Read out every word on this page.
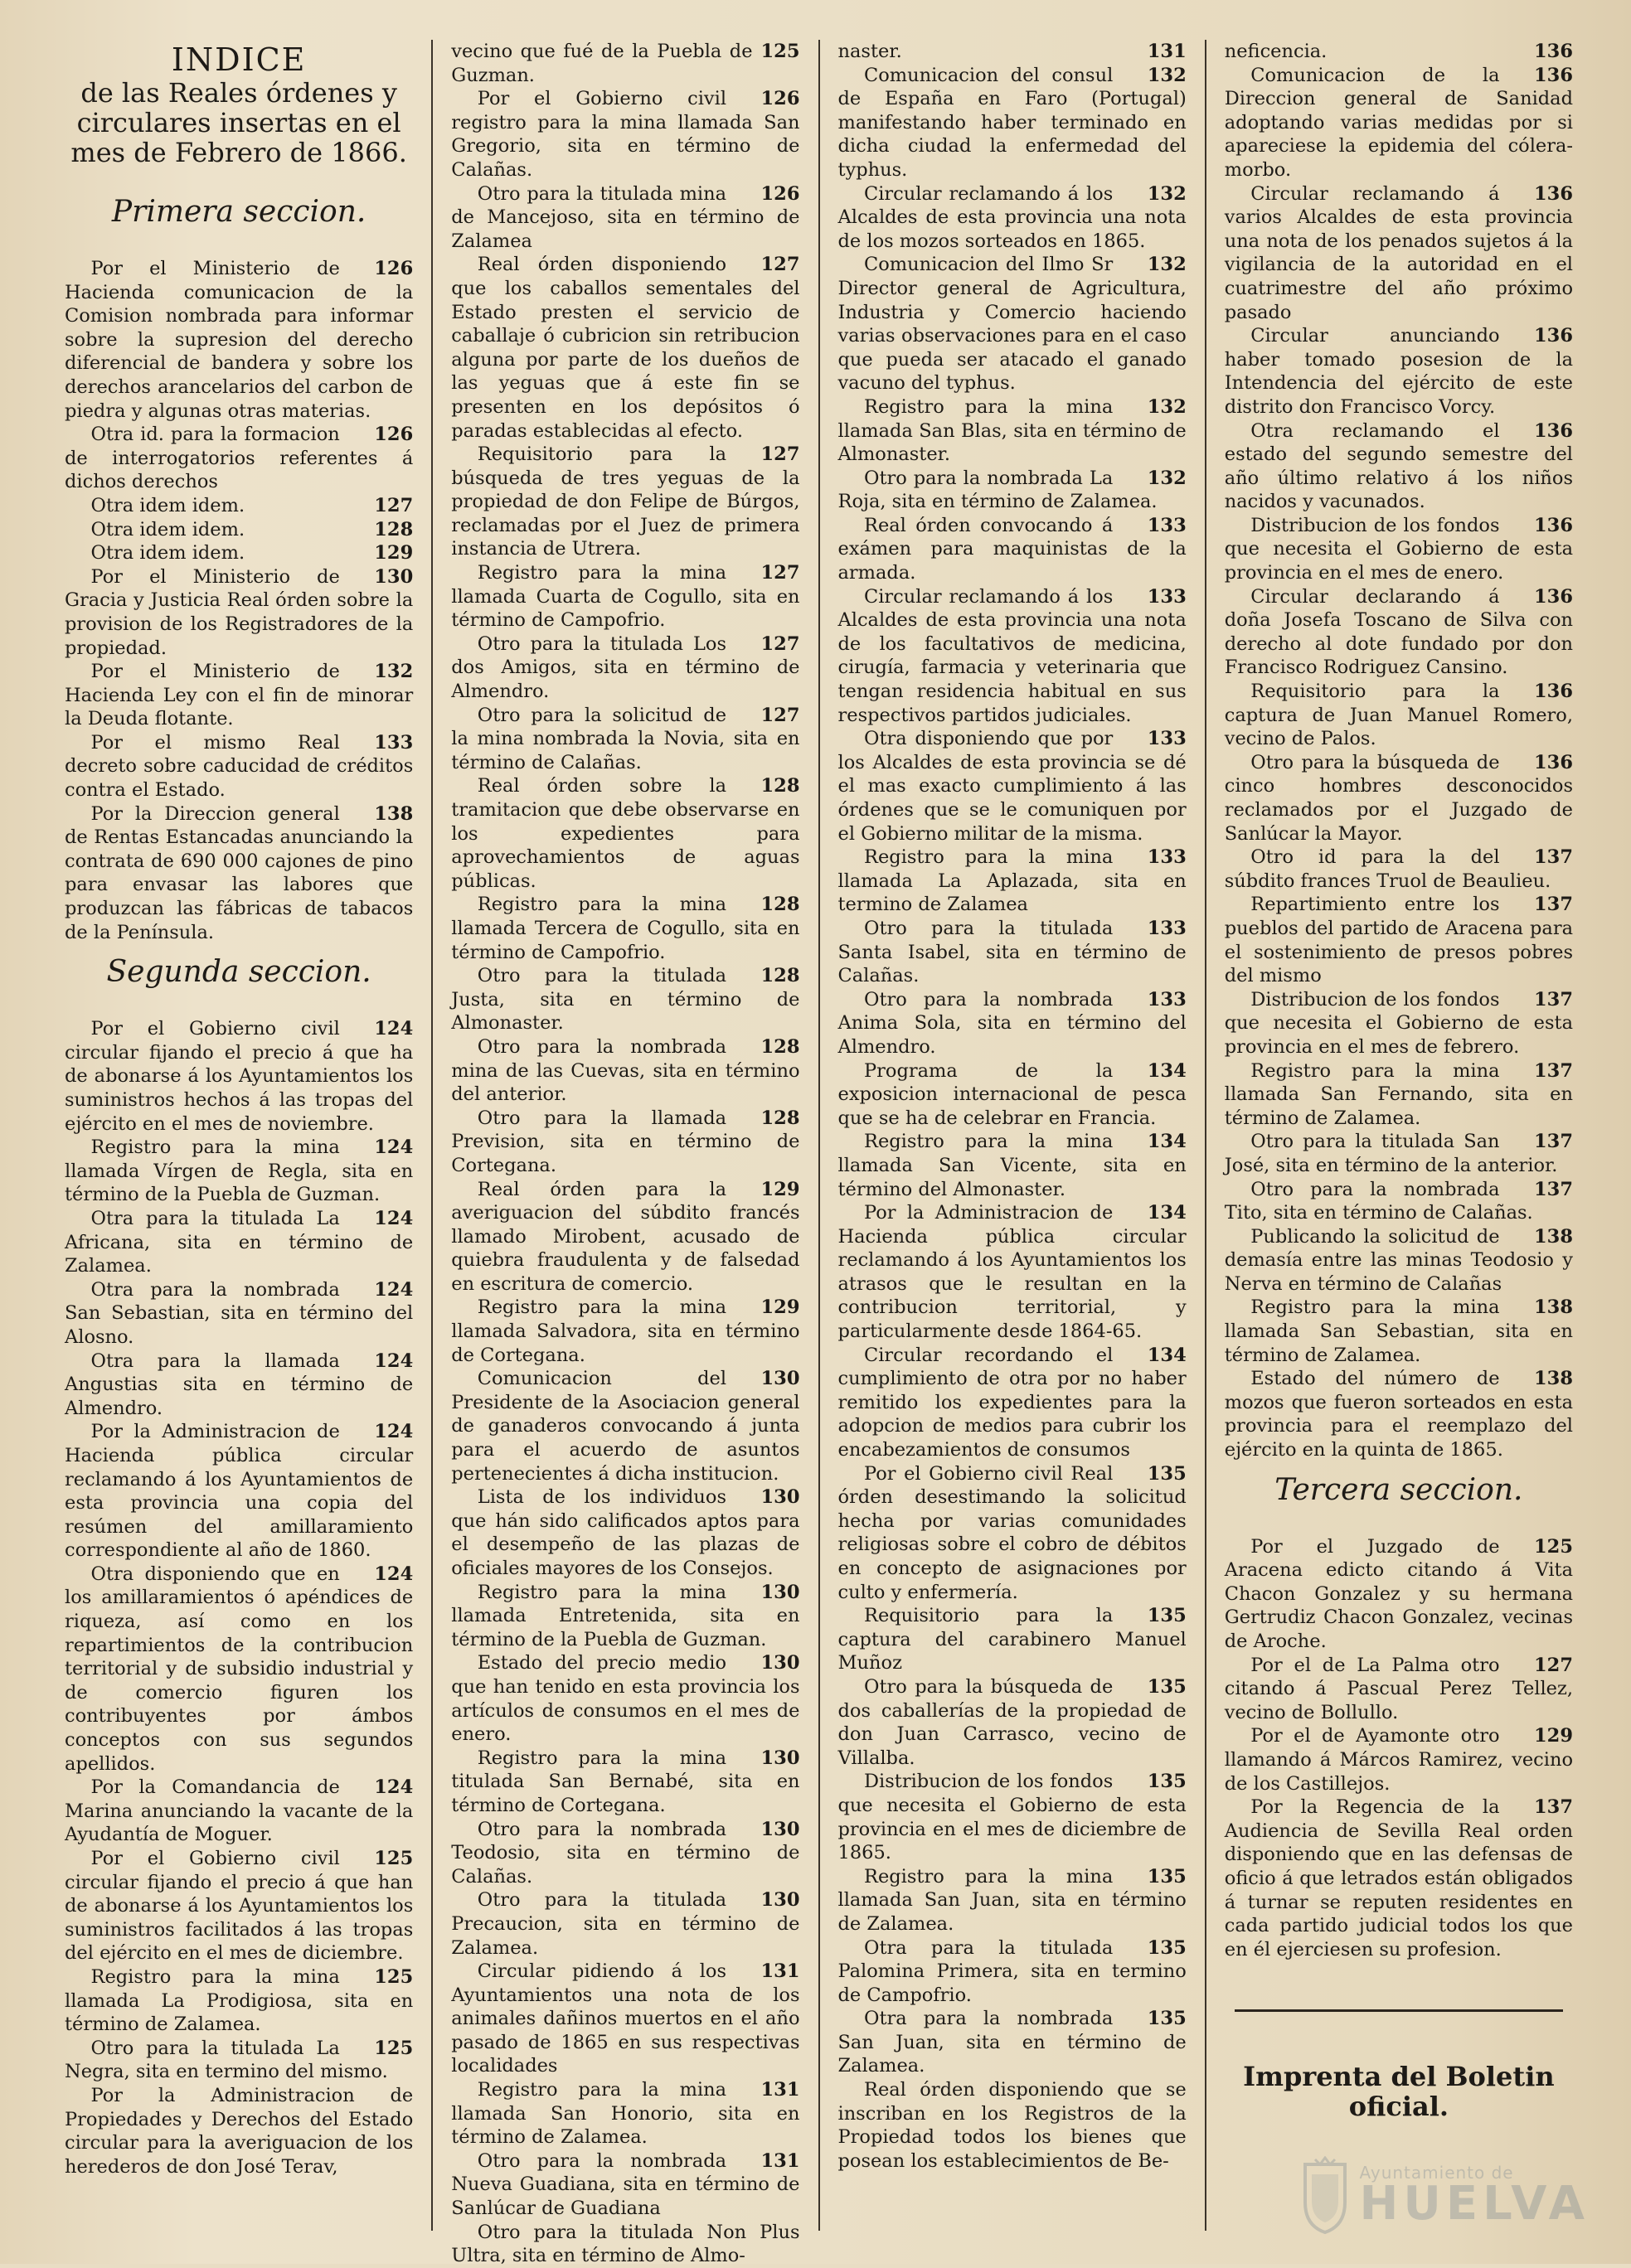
INDICE
de las Reales órdenes y circulares insertas en el mes de Febrero de 1866.
Primera seccion.

126
Por el Ministerio de Hacienda comunicacion de la Comision nombrada para informar sobre la supresion del derecho diferencial de bandera y sobre los derechos arancelarios del carbon de piedra y algunas otras materias.

126
Otra id. para la formacion de interrogatorios referentes á dichos derechos

127
Otra idem idem.

128
Otra idem idem.

129
Otra idem idem.

130
Por el Ministerio de Gracia y Justicia Real órden sobre la provision de los Registradores de la propiedad.

132
Por el Ministerio de Hacienda Ley con el fin de minorar la Deuda flotante.

133
Por el mismo Real decreto sobre caducidad de créditos contra el Estado.

138
Por la Direccion general de Rentas Estancadas anunciando la contrata de 690 000 cajones de pino para envasar las labores que produzcan las fábricas de tabacos de la Península.

Segunda seccion.

124
Por el Gobierno civil circular fijando el precio á que ha de abonarse á los Ayuntamientos los suministros hechos á las tropas del ejército en el mes de noviembre.

124
Registro para la mina llamada Vírgen de Regla, sita en término de la Puebla de Guzman.

124
Otra para la titulada La Africana, sita en término de Zalamea.

124
Otra para la nombrada San Sebastian, sita en término del Alosno.

124
Otra para la llamada Angustias sita en término de Almendro.

124
Por la Administracion de Hacienda pública circular reclamando á los Ayuntamientos de esta provincia una copia del resúmen del amillaramiento correspondiente al año de 1860.

124
Otra disponiendo que en los amillaramientos ó apéndices de riqueza, así como en los repartimientos de la contribucion territorial y de subsidio industrial y de comercio figuren los contribuyentes por ámbos conceptos con sus segundos apellidos.

124
Por la Comandancia de Marina anunciando la vacante de la Ayudantía de Moguer.

125
Por el Gobierno civil circular fijando el precio á que han de abonarse á los Ayuntamientos los suministros facilitados á las tropas del ejército en el mes de diciembre.

125
Registro para la mina llamada La Prodigiosa, sita en término de Zalamea.

125
Otro para la titulada La Negra, sita en termino del mismo.

Por la Administracion de Propiedades y Derechos del Estado circular para la averiguacion de los herederos de don José Terav,

125
vecino que fué de la Puebla de Guzman.

126
Por el Gobierno civil registro para la mina llamada San Gregorio, sita en término de Calañas.

126
Otro para la titulada mina de Mancejoso, sita en término de Zalamea

127
Real órden disponiendo que los caballos sementales del Estado presten el servicio de caballaje ó cubricion sin retribucion alguna por parte de los dueños de las yeguas que á este fin se presenten en los depósitos ó paradas establecidas al efecto.

127
Requisitorio para la búsqueda de tres yeguas de la propiedad de don Felipe de Búrgos, reclamadas por el Juez de primera instancia de Utrera.

127
Registro para la mina llamada Cuarta de Cogullo, sita en término de Campofrio.

127
Otro para la titulada Los dos Amigos, sita en término de Almendro.

127
Otro para la solicitud de la mina nombrada la Novia, sita en término de Calañas.

128
Real órden sobre la tramitacion que debe observarse en los expedientes para aprovechamientos de aguas públicas.

128
Registro para la mina llamada Tercera de Cogullo, sita en término de Campofrio.

128
Otro para la titulada Justa, sita en término de Almonaster.

128
Otro para la nombrada mina de las Cuevas, sita en término del anterior.

128
Otro para la llamada Prevision, sita en término de Cortegana.

129
Real órden para la averiguacion del súbdito francés llamado Mirobent, acusado de quiebra fraudulenta y de falsedad en escritura de comercio.

129
Registro para la mina llamada Salvadora, sita en término de Cortegana.

130
Comunicacion del Presidente de la Asociacion general de ganaderos convocando á junta para el acuerdo de asuntos pertenecientes á dicha institucion.

130
Lista de los individuos que hán sido calificados aptos para el desempeño de las plazas de oficiales mayores de los Consejos.

130
Registro para la mina llamada Entretenida, sita en término de la Puebla de Guzman.

130
Estado del precio medio que han tenido en esta provincia los artículos de consumos en el mes de enero.

130
Registro para la mina titulada San Bernabé, sita en término de Cortegana.

130
Otro para la nombrada Teodosio, sita en término de Calañas.

130
Otro para la titulada Precaucion, sita en término de Zalamea.

131
Circular pidiendo á los Ayuntamientos una nota de los animales dañinos muertos en el año pasado de 1865 en sus respectivas localidades

131
Registro para la mina llamada San Honorio, sita en término de Zalamea.

131
Otro para la nombrada Nueva Guadiana, sita en término de Sanlúcar de Guadiana

Otro para la titulada Non Plus Ultra, sita en término de Almo-

131
naster.

132
Comunicacion del consul de España en Faro (Portugal) manifestando haber terminado en dicha ciudad la enfermedad del typhus.

132
Circular reclamando á los Alcaldes de esta provincia una nota de los mozos sorteados en 1865.

132
Comunicacion del Ilmo Sr Director general de Agricultura, Industria y Comercio haciendo varias observaciones para en el caso que pueda ser atacado el ganado vacuno del typhus.

132
Registro para la mina llamada San Blas, sita en término de Almonaster.

132
Otro para la nombrada La Roja, sita en término de Zalamea.

133
Real órden convocando á exámen para maquinistas de la armada.

133
Circular reclamando á los Alcaldes de esta provincia una nota de los facultativos de medicina, cirugía, farmacia y veterinaria que tengan residencia habitual en sus respectivos partidos judiciales.

133
Otra disponiendo que por los Alcaldes de esta provincia se dé el mas exacto cumplimiento á las órdenes que se le comuniquen por el Gobierno militar de la misma.

133
Registro para la mina llamada La Aplazada, sita en termino de Zalamea

133
Otro para la titulada Santa Isabel, sita en término de Calañas.

133
Otro para la nombrada Anima Sola, sita en término del Almendro.

134
Programa de la exposicion internacional de pesca que se ha de celebrar en Francia.

134
Registro para la mina llamada San Vicente, sita en término del Almonaster.

134
Por la Administracion de Hacienda pública circular reclamando á los Ayuntamientos los atrasos que le resultan en la contribucion territorial, y particularmente desde 1864-65.

134
Circular recordando el cumplimiento de otra por no haber remitido los expedientes para la adopcion de medios para cubrir los encabezamientos de consumos

135
Por el Gobierno civil Real órden desestimando la solicitud hecha por varias comunidades religiosas sobre el cobro de débitos en concepto de asignaciones por culto y enfermería.

135
Requisitorio para la captura del carabinero Manuel Muñoz

135
Otro para la búsqueda de dos caballerías de la propiedad de don Juan Carrasco, vecino de Villalba.

135
Distribucion de los fondos que necesita el Gobierno de esta provincia en el mes de diciembre de 1865.

135
Registro para la mina llamada San Juan, sita en término de Zalamea.

135
Otra para la titulada Palomina Primera, sita en termino de Campofrio.

135
Otra para la nombrada San Juan, sita en término de Zalamea.

Real órden disponiendo que se inscriban en los Registros de la Propiedad todos los bienes que posean los establecimientos de Be-

136
neficencia.

136
Comunicacion de la Direccion general de Sanidad adoptando varias medidas por si apareciese la epidemia del cólera-morbo.

136
Circular reclamando á varios Alcaldes de esta provincia una nota de los penados sujetos á la vigilancia de la autoridad en el cuatrimestre del año próximo pasado

136
Circular anunciando haber tomado posesion de la Intendencia del ejército de este distrito don Francisco Vorcy.

136
Otra reclamando el estado del segundo semestre del año último relativo á los niños nacidos y vacunados.

136
Distribucion de los fondos que necesita el Gobierno de esta provincia en el mes de enero.

136
Circular declarando á doña Josefa Toscano de Silva con derecho al dote fundado por don Francisco Rodriguez Cansino.

136
Requisitorio para la captura de Juan Manuel Romero, vecino de Palos.

136
Otro para la búsqueda de cinco hombres desconocidos reclamados por el Juzgado de Sanlúcar la Mayor.

137
Otro id para la del súbdito frances Truol de Beaulieu.

137
Repartimiento entre los pueblos del partido de Aracena para el sostenimiento de presos pobres del mismo

137
Distribucion de los fondos que necesita el Gobierno de esta provincia en el mes de febrero.

137
Registro para la mina llamada San Fernando, sita en término de Zalamea.

137
Otro para la titulada San José, sita en término de la anterior.

137
Otro para la nombrada Tito, sita en término de Calañas.

138
Publicando la solicitud de demasía entre las minas Teodosio y Nerva en término de Calañas

138
Registro para la mina llamada San Sebastian, sita en término de Zalamea.

138
Estado del número de mozos que fueron sorteados en esta provincia para el reemplazo del ejército en la quinta de 1865.

Tercera seccion.

125
Por el Juzgado de Aracena edicto citando á Vita Chacon Gonzalez y su hermana Gertrudiz Chacon Gonzalez, vecinas de Aroche.

127
Por el de La Palma otro citando á Pascual Perez Tellez, vecino de Bollullo.

129
Por el de Ayamonte otro llamando á Márcos Ramirez, vecino de los Castillejos.

137
Por la Regencia de la Audiencia de Sevilla Real orden disponiendo que en las defensas de oficio á que letrados están obligados á turnar se reputen residentes en cada partido judicial todos los que en él ejerciesen su profesion.

Imprenta del Boletin oficial.
Ayuntamiento de
HUELVA
